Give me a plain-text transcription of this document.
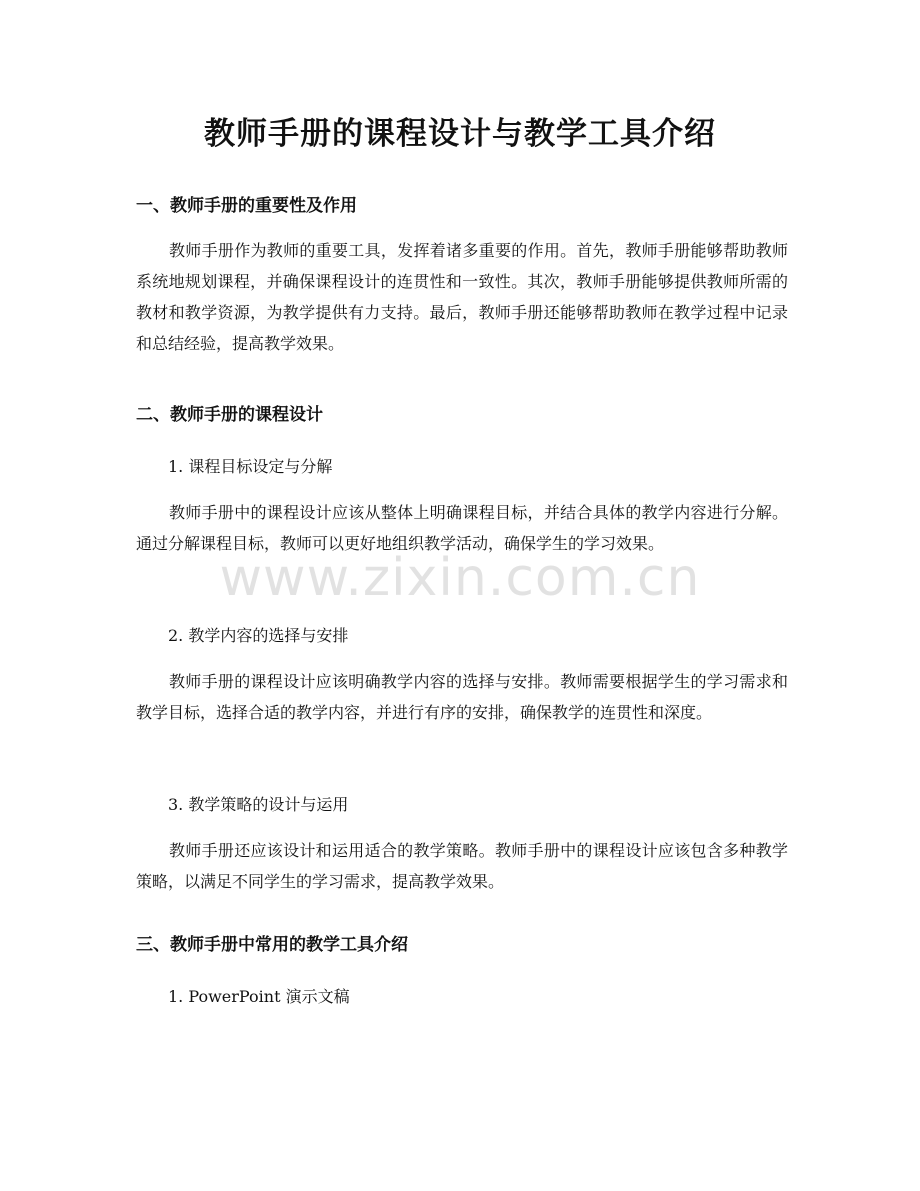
教师手册的课程设计与教学工具介绍
一、教师手册的重要性及作用

教师手册作为教师的重要工具，发挥着诸多重要的作用。首先，教师手册能够帮助教师系统地规划课程，并确保课程设计的连贯性和一致性。其次，教师手册能够提供教师所需的教材和教学资源，为教学提供有力支持。最后，教师手册还能够帮助教师在教学过程中记录和总结经验，提高教学效果。

二、教师手册的课程设计

1. 课程目标设定与分解

教师手册中的课程设计应该从整体上明确课程目标，并结合具体的教学内容进行分解。通过分解课程目标，教师可以更好地组织教学活动，确保学生的学习效果。

2. 教学内容的选择与安排

教师手册的课程设计应该明确教学内容的选择与安排。教师需要根据学生的学习需求和教学目标，选择合适的教学内容，并进行有序的安排，确保教学的连贯性和深度。

3. 教学策略的设计与运用

教师手册还应该设计和运用适合的教学策略。教师手册中的课程设计应该包含多种教学策略，以满足不同学生的学习需求，提高教学效果。

三、教师手册中常用的教学工具介绍

1. PowerPoint 演示文稿

www.zixin.com.cn
